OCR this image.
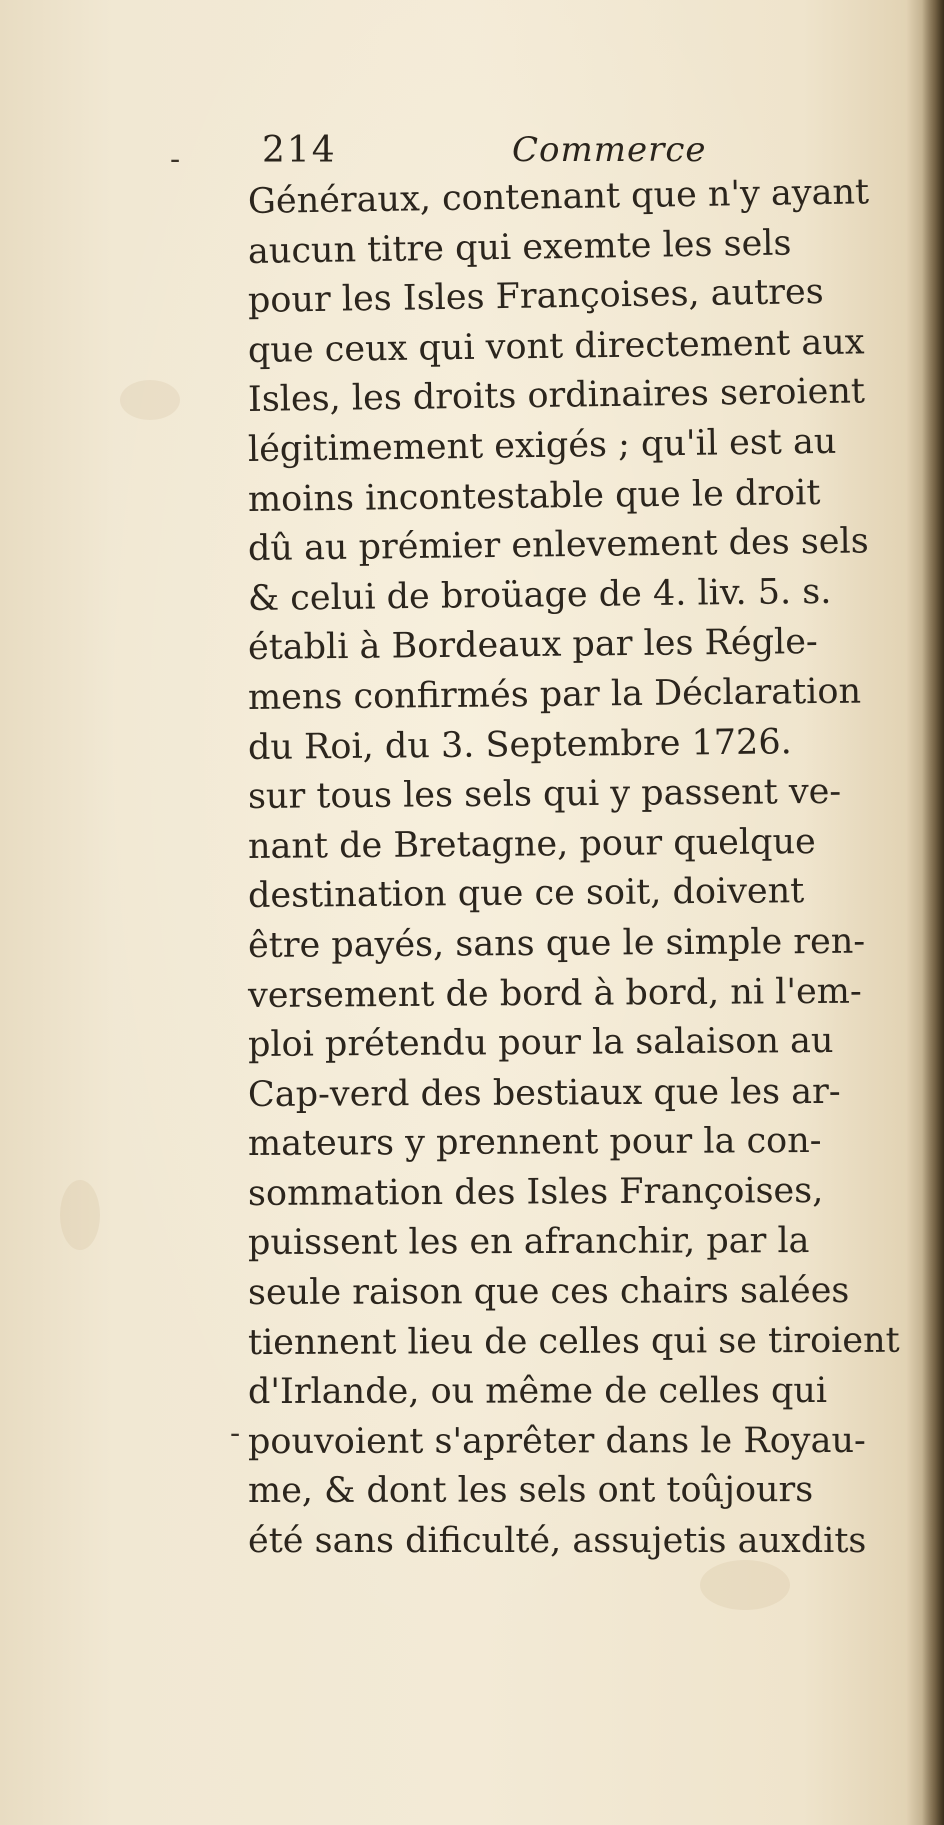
-
-
214	Commerce
Généraux, contenant que n'y ayant
aucun titre qui exemte les sels
pour les Isles Françoises, autres
que ceux qui vont directement aux
Isles, les droits ordinaires seroient
légitimement exigés ; qu'il est au
moins incontestable que le droit
dû au prémier enlevement des sels
& celui de broüage de 4. liv. 5. s.
établi à Bordeaux par les Régle-
mens confirmés par la Déclaration
du Roi, du 3. Septembre 1726.
sur tous les sels qui y passent ve-
nant de Bretagne, pour quelque
destination que ce soit, doivent
être payés, sans que le simple ren-
versement de bord à bord, ni l'em-
ploi prétendu pour la salaison au
Cap-verd des bestiaux que les ar-
mateurs y prennent pour la con-
sommation des Isles Françoises,
puissent les en afranchir, par la
seule raison que ces chairs salées
tiennent lieu de celles qui se tiroient
d'Irlande, ou même de celles qui
pouvoient s'aprêter dans le Royau-
me, & dont les sels ont toûjours
été sans dificulté, assujetis auxdits
